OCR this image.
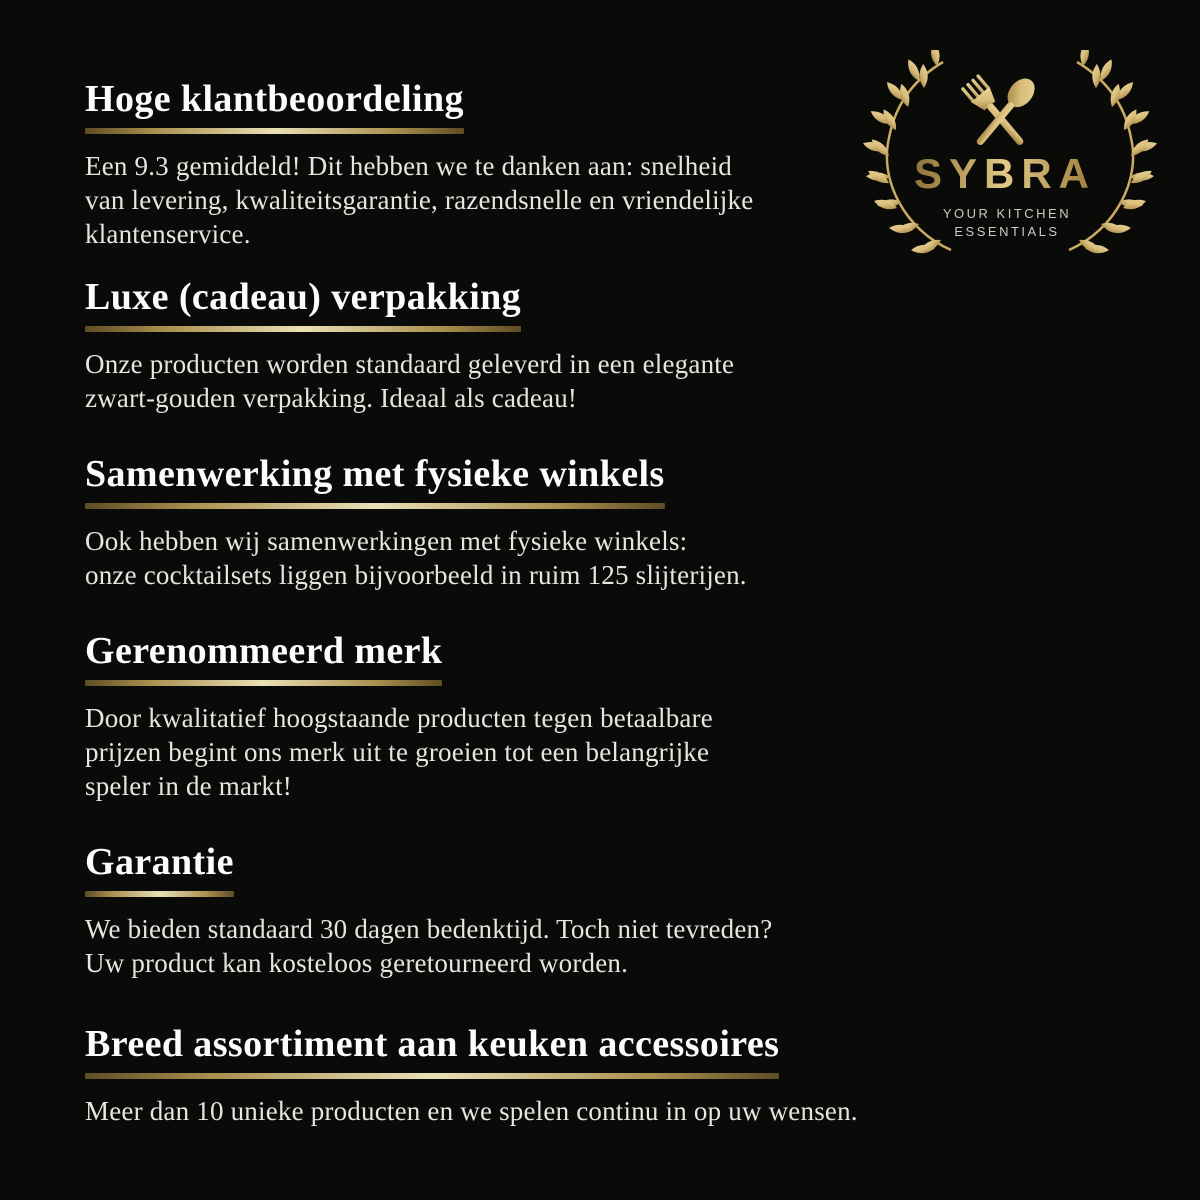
Hoge klantbeoordeling
Een 9.3 gemiddeld! Dit hebben we te danken aan: snelheid
van levering, kwaliteitsgarantie, razendsnelle en vriendelijke
klantenservice.
Luxe (cadeau) verpakking
Onze producten worden standaard geleverd in een elegante
zwart-gouden verpakking. Ideaal als cadeau!
Samenwerking met fysieke winkels
Ook hebben wij samenwerkingen met fysieke winkels:
onze cocktailsets liggen bijvoorbeeld in ruim 125 slijterijen.
Gerenommeerd merk
Door kwalitatief hoogstaande producten tegen betaalbare
prijzen begint ons merk uit te groeien tot een belangrijke
speler in de markt!
Garantie
We bieden standaard 30 dagen bedenktijd. Toch niet tevreden?
Uw product kan kosteloos geretourneerd worden.
Breed assortiment aan keuken accessoires
Meer dan 10 unieke producten en we spelen continu in op uw wensen.
SYBRA
YOUR KITCHEN
ESSENTIALS
